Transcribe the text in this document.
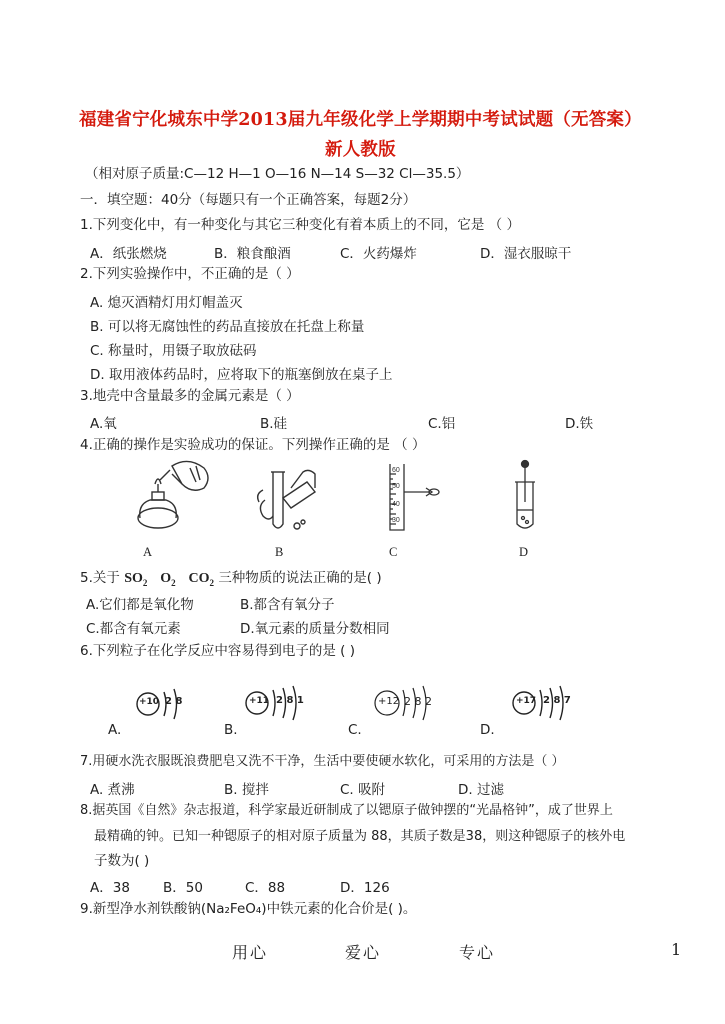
福建省宁化城东中学2013届九年级化学上学期期中考试试题（无答案）
新人教版
（相对原子质量:C—12 H—1 O—16 N—14 S—32 Cl—35.5）
一．填空题：40分（每题只有一个正确答案，每题2分）
1.下列变化中，有一种变化与其它三种变化有着本质上的不同，它是 （ ）
A．纸张燃烧	B．粮食酿酒	C．火药爆炸	D．湿衣服晾干
2.下列实验操作中，不正确的是（ ）
A. 熄灭酒精灯用灯帽盖灭
B. 可以将无腐蚀性的药品直接放在托盘上称量
C. 称量时，用镊子取放砝码
D. 取用液体药品时，应将取下的瓶塞倒放在桌子上
3.地壳中含量最多的金属元素是（ ）
A.氧	B.硅	C.铝	D.铁
4.正确的操作是实验成功的保证。下列操作正确的是 （ ）
A	B
60
50
40
30
C	D
5.关于 $SO_2$ $O_2$ $CO_2$ 三种物质的说法正确的是( )
A.它们都是氧化物	B.都含有氧分子
C.都含有氧元素	D.氧元素的质量分数相同
6.下列粒子在化学反应中容易得到电子的是 ( )
A.
+10 2 8
B.
+11 2 8 1
C.
+12 2 8 2
D.
+17 2 8 7
7.用硬水洗衣服既浪费肥皂又洗不干净，生活中要使硬水软化，可采用的方法是（ ）
A. 煮沸	B. 搅拌	C. 吸附	D. 过滤
8.据英国《自然》杂志报道，科学家最近研制成了以锶原子做钟摆的“光晶格钟”，成了世界上
最精确的钟。已知一种锶原子的相对原子质量为 88，其质子数是38，则这种锶原子的核外电
子数为( )
A．38 B．50	C．88	D．126
9.新型净水剂铁酸钠(Na₂FeO₄)中铁元素的化合价是( )。
用心	爱心	专心	1
